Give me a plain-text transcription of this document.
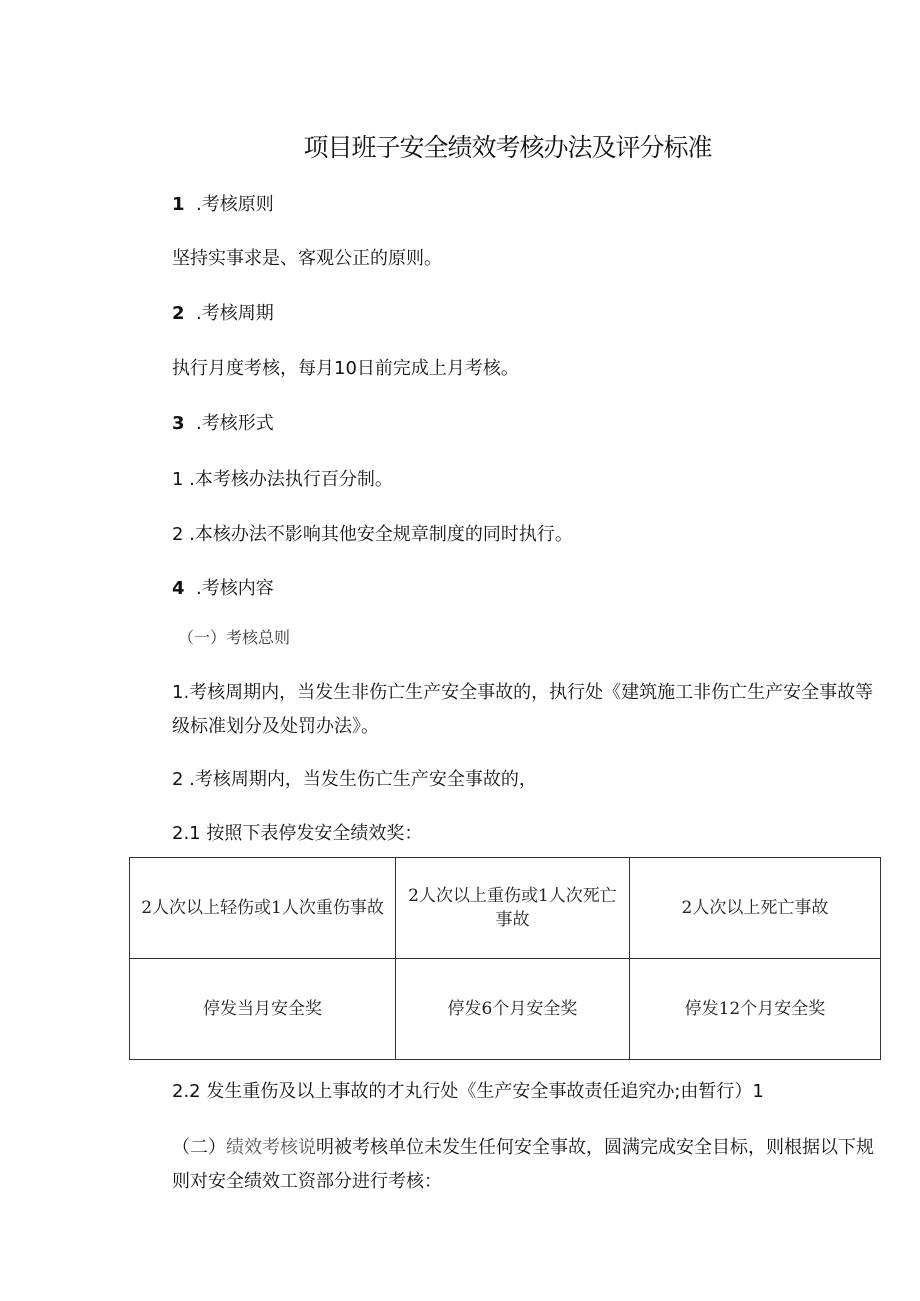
项目班子安全绩效考核办法及评分标准
1 .考核原则
坚持实事求是、客观公正的原则。
2 .考核周期
执行月度考核，每月10日前完成上月考核。
3 .考核形式
1 .本考核办法执行百分制。
2 .本核办法不影响其他安全规章制度的同时执行。
4 .考核内容
（一）考核总则
1.考核周期内，当发生非伤亡生产安全事故的，执行处《建筑施工非伤亡生产安全事故等级标准划分及处罚办法》。
2 .考核周期内，当发生伤亡生产安全事故的，
2.1 按照下表停发安全绩效奖：
2人次以上轻伤或1人次重伤事故	2人次以上重伤或1人次死亡事故	2人次以上死亡事故
停发当月安全奖	停发6个月安全奖	停发12个月安全奖
2.2 发生重伤及以上事故的才丸行处《生产安全事故责任追究办;由暂行）1
（二）绩效考核说明被考核单位未发生任何安全事故，圆满完成安全目标，则根据以下规则对安全绩效工资部分进行考核：
